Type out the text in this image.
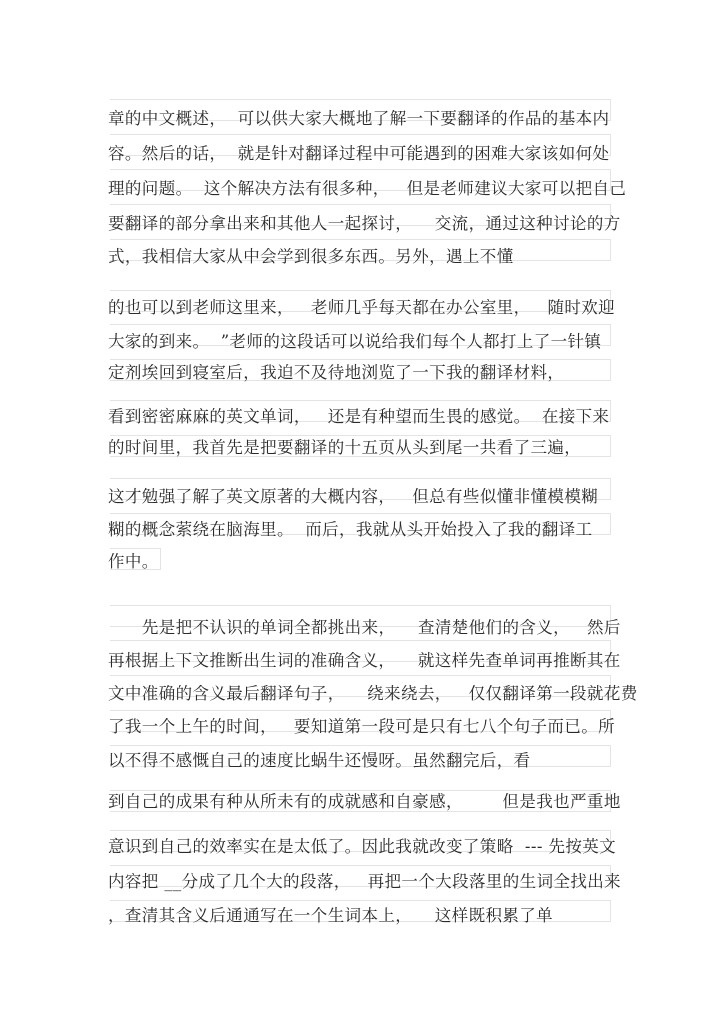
章的中文概述，  可以供大家大概地了解一下要翻译的作品的基本内
容。然后的话，  就是针对翻译过程中可能遇到的困难大家该如何处
理的问题。  这个解决方法有很多种，   但是老师建议大家可以把自己
要翻译的部分拿出来和其他人一起探讨，    交流，通过这种讨论的方
式，我相信大家从中会学到很多东西。另外，遇上不懂
的也可以到老师这里来，   老师几乎每天都在办公室里，   随时欢迎
大家的到来。  ”老师的这段话可以说给我们每个人都打上了一针镇
定剂埃回到寝室后，我迫不及待地浏览了一下我的翻译材料，
看到密密麻麻的英文单词，   还是有种望而生畏的感觉。  在接下来
的时间里，我首先是把要翻译的十五页从头到尾一共看了三遍，
这才勉强了解了英文原著的大概内容，   但总有些似懂非懂模模糊
糊的概念萦绕在脑海里。  而后，我就从头开始投入了我的翻译工
作中。
先是把不认识的单词全都挑出来，    查清楚他们的含义，   然后
再根据上下文推断出生词的准确含义，    就这样先查单词再推断其在
文中准确的含义最后翻译句子，    绕来绕去，   仅仅翻译第一段就花费
了我一个上午的时间，   要知道第一段可是只有七八个句子而已。所
以不得不感慨自己的速度比蜗牛还慢呀。虽然翻完后，看
到自己的成果有种从所未有的成就感和自豪感，       但是我也严重地
意识到自己的效率实在是太低了。因此我就改变了策略  --- 先按英文
内容把 __分成了几个大的段落，   再把一个大段落里的生词全找出来
，查清其含义后通通写在一个生词本上，    这样既积累了单
